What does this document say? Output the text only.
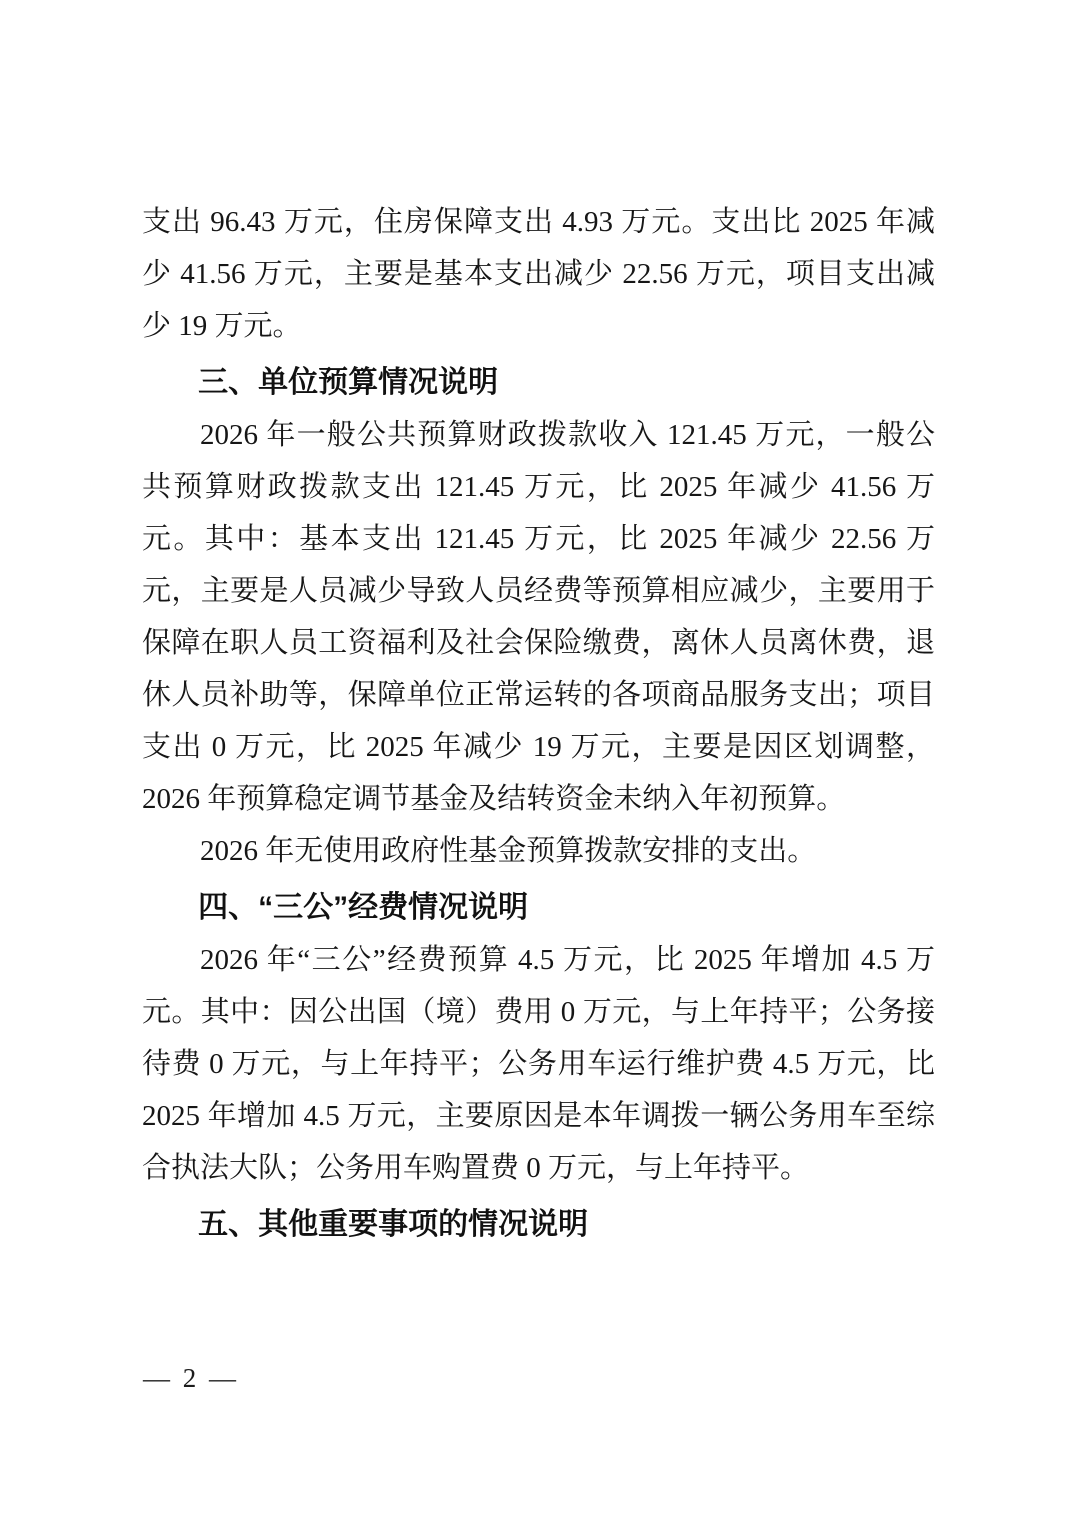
支出 96.43 万元，住房保障支出 4.93 万元。支出比 2025 年减少 41.56 万元，主要是基本支出减少 22.56 万元，项目支出减少 19 万元。

三、单位预算情况说明

2026 年一般公共预算财政拨款收入 121.45 万元，一般公共预算财政拨款支出 121.45 万元，比 2025 年减少 41.56 万元。其中：基本支出 121.45 万元，比 2025 年减少 22.56 万元，主要是人员减少导致人员经费等预算相应减少，主要用于保障在职人员工资福利及社会保险缴费，离休人员离休费，退休人员补助等，保障单位正常运转的各项商品服务支出；项目支出 0 万元，比 2025 年减少 19 万元，主要是因区划调整，2026 年预算稳定调节基金及结转资金未纳入年初预算。

2026 年无使用政府性基金预算拨款安排的支出。

四、“三公”经费情况说明

2026 年“三公”经费预算 4.5 万元，比 2025 年增加 4.5 万元。其中：因公出国（境）费用 0 万元，与上年持平；公务接待费 0 万元，与上年持平；公务用车运行维护费 4.5 万元，比 2025 年增加 4.5 万元，主要原因是本年调拨一辆公务用车至综合执法大队；公务用车购置费 0 万元，与上年持平。

五、其他重要事项的情况说明
— 2 —
